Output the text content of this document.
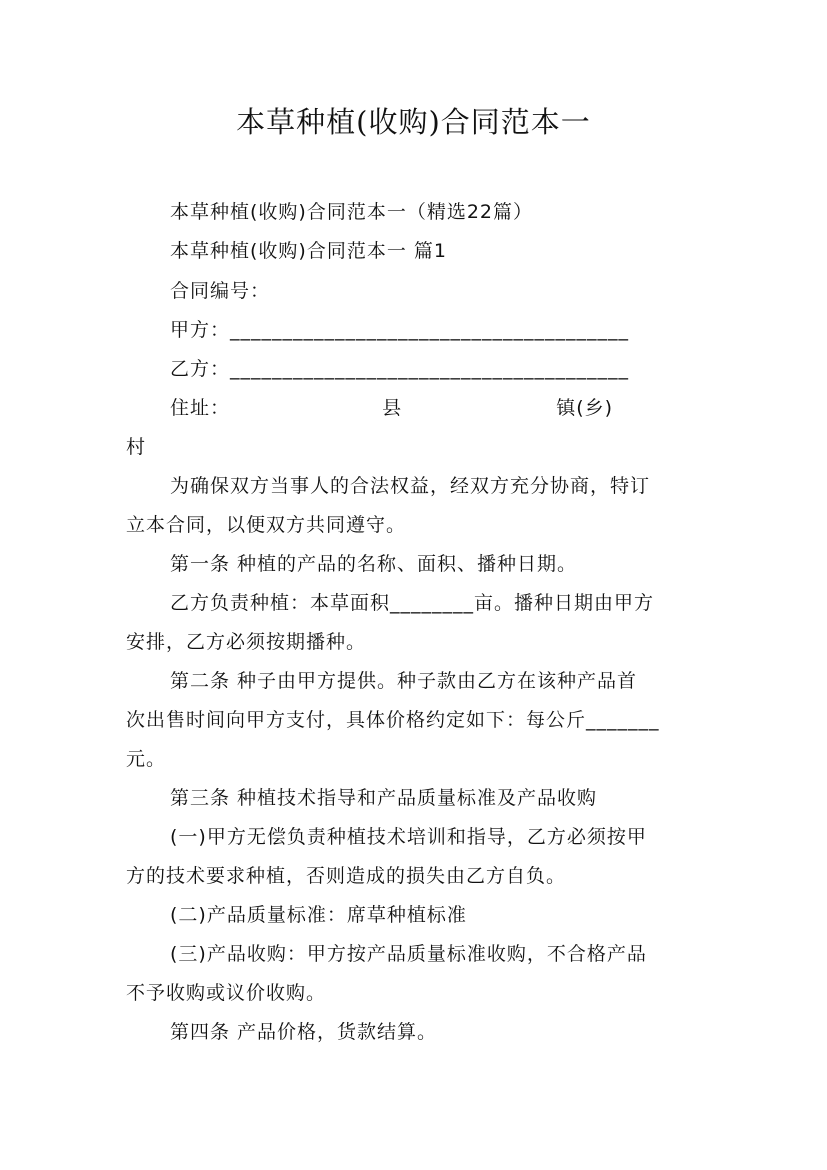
本草种植(收购)合同范本一
本草种植(收购)合同范本一（精选22篇）
本草种植(收购)合同范本一 篇1
合同编号：
甲方：______________________________________
乙方：______________________________________
住址：	县	镇(乡)
村
为确保双方当事人的合法权益，经双方充分协商，特订
立本合同，以便双方共同遵守。
第一条 种植的产品的名称、面积、播种日期。
乙方负责种植：本草面积________亩。播种日期由甲方
安排，乙方必须按期播种。
第二条 种子由甲方提供。种子款由乙方在该种产品首
次出售时间向甲方支付，具体价格约定如下：每公斤_______
元。
第三条 种植技术指导和产品质量标准及产品收购
(一)甲方无偿负责种植技术培训和指导，乙方必须按甲
方的技术要求种植，否则造成的损失由乙方自负。
(二)产品质量标准：席草种植标准
(三)产品收购：甲方按产品质量标准收购，不合格产品
不予收购或议价收购。
第四条 产品价格，货款结算。
